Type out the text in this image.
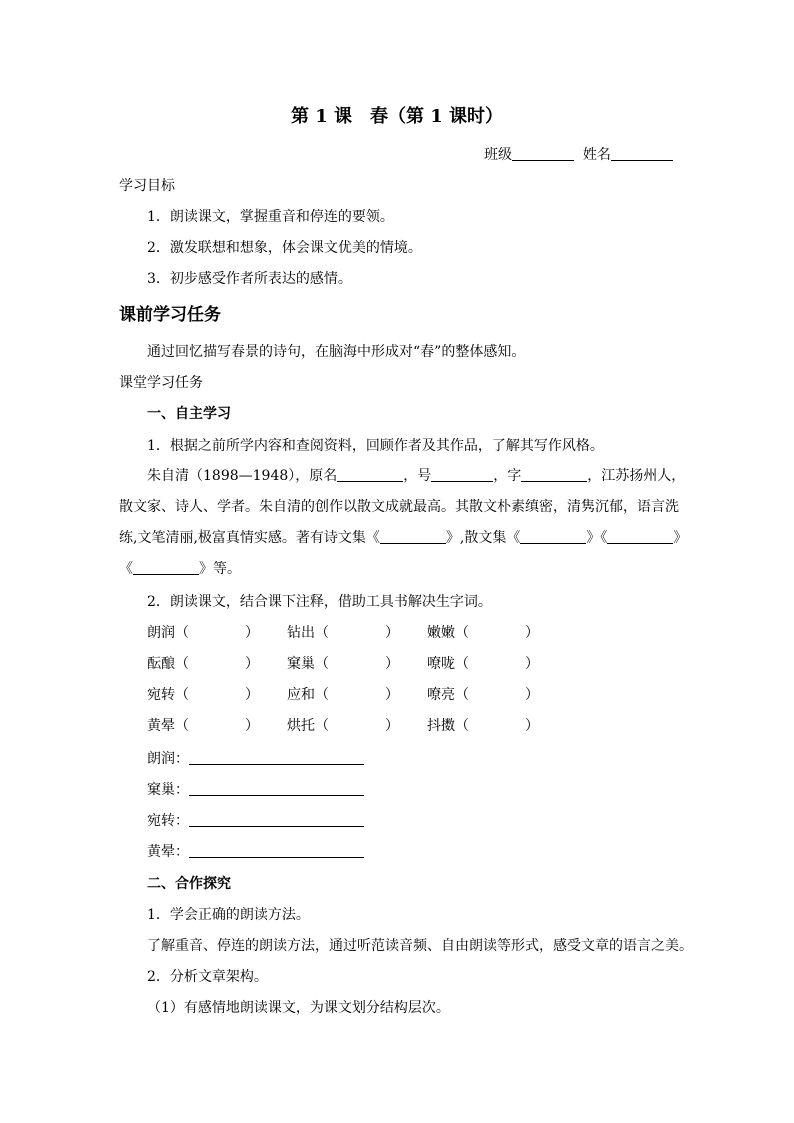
第 1 课　春（第 1 课时）
班级	姓名
学习目标
1．朗读课文，掌握重音和停连的要领。
2．激发联想和想象，体会课文优美的情境。
3．初步感受作者所表达的感情。
课前学习任务
通过回忆描写春景的诗句，在脑海中形成对“春”的整体感知。
课堂学习任务
一、自主学习
1．根据之前所学内容和查阅资料，回顾作者及其作品，了解其写作风格。
朱自清（1898—1948），原名	，号	，字	，江苏扬州人，
散文家、诗人、学者。朱自清的创作以散文成就最高。其散文朴素缜密，清隽沉郁，语言洗
练,文笔清丽,极富真情实感。著有诗文集《	》,散文集《	》《	》
《	》等。
2．朗读课文，结合课下注释，借助工具书解决生字词。
朗润（　　　　） 钻出（　　　　） 嫩嫩（　　　　）
酝酿（　　　　） 窠巢（　　　　） 嘹咙（　　　　）
宛转（　　　　） 应和（　　　　） 嘹亮（　　　　）
黄晕（　　　　） 烘托（　　　　） 抖擞（　　　　）
朗润：
窠巢：
宛转：
黄晕：
二、合作探究
1．学会正确的朗读方法。
了解重音、停连的朗读方法，通过听范读音频、自由朗读等形式，感受文章的语言之美。
2．分析文章架构。
（1）有感情地朗读课文，为课文划分结构层次。
